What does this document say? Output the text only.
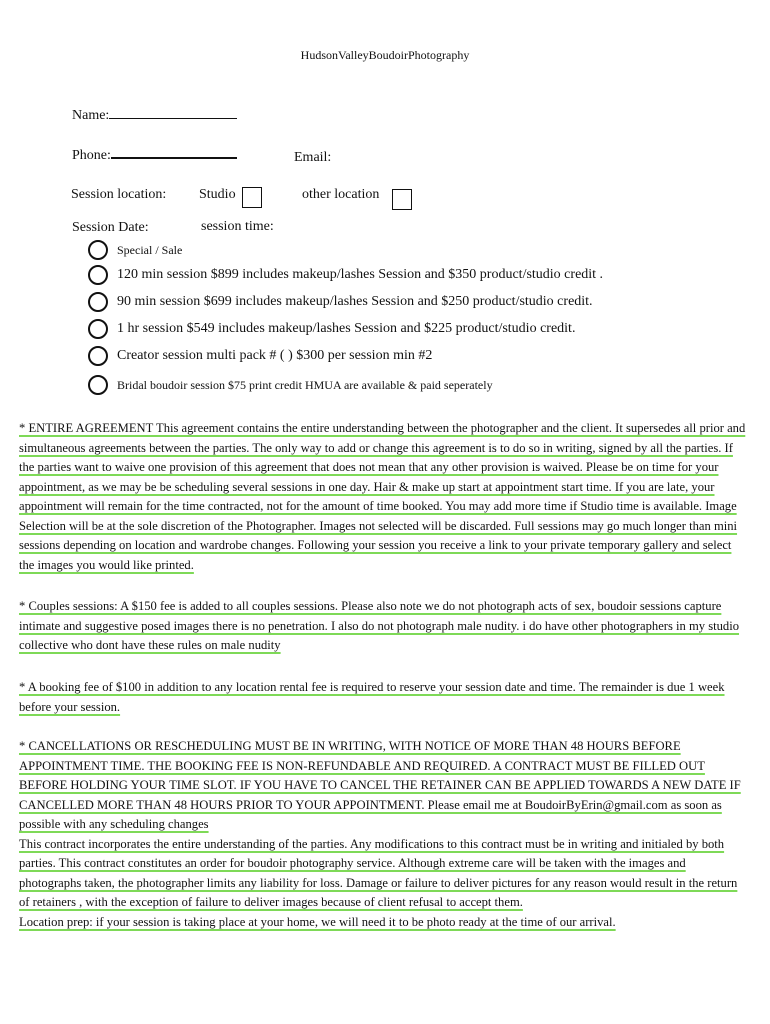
HudsonValleyBoudoirPhotography
Name:
Phone:	Email:
Session location: Studio	other location
Session Date:	session time:
Special / Sale
120 min session $899 includes makeup/lashes Session and $350 product/studio credit .
90 min session $699 includes makeup/lashes Session and $250 product/studio credit.
1 hr session $549 includes makeup/lashes Session and $225 product/studio credit.
Creator session multi pack # ( ) $300 per session min #2
Bridal boudoir session $75 print credit HMUA are available & paid seperately

* ENTIRE AGREEMENT This agreement contains the entire understanding between the photographer and the client. It supersedes all prior and simultaneous agreements between the parties. The only way to add or change this agreement is to do so in writing, signed by all the parties. If the parties want to waive one provision of this agreement that does not mean that any other provision is waived. Please be on time for your appointment, as we may be be scheduling several sessions in one day. Hair & make up start at appointment start time. If you are late, your appointment will remain for the time contracted, not for the amount of time booked. You may add more time if Studio time is available. Image Selection will be at the sole discretion of the Photographer. Images not selected will be discarded. Full sessions may go much longer than mini sessions depending on location and wardrobe changes. Following your session you receive a link to your private temporary gallery and select the images you would like printed.

* Couples sessions: A $150 fee is added to all couples sessions. Please also note we do not photograph acts of sex, boudoir sessions capture intimate and suggestive posed images there is no penetration. I also do not photograph male nudity. i do have other photographers in my studio collective who dont have these rules on male nudity

* A booking fee of $100 in addition to any location rental fee is required to reserve your session date and time. The remainder is due 1 week before your session.

* CANCELLATIONS OR RESCHEDULING MUST BE IN WRITING, WITH NOTICE OF MORE THAN 48 HOURS BEFORE APPOINTMENT TIME. THE BOOKING FEE IS NON-REFUNDABLE AND REQUIRED. A CONTRACT MUST BE FILLED OUT BEFORE HOLDING YOUR TIME SLOT. IF YOU HAVE TO CANCEL THE RETAINER CAN BE APPLIED TOWARDS A NEW DATE IF CANCELLED MORE THAN 48 HOURS PRIOR TO YOUR APPOINTMENT. Please email me at BoudoirByErin@gmail.com as soon as possible with any scheduling changes

This contract incorporates the entire understanding of the parties. Any modifications to this contract must be in writing and initialed by both parties. This contract constitutes an order for boudoir photography service. Although extreme care will be taken with the images and photographs taken, the photographer limits any liability for loss. Damage or failure to deliver pictures for any reason would result in the return of retainers , with the exception of failure to deliver images because of client refusal to accept them.

Location prep: if your session is taking place at your home, we will need it to be photo ready at the time of our arrival.
